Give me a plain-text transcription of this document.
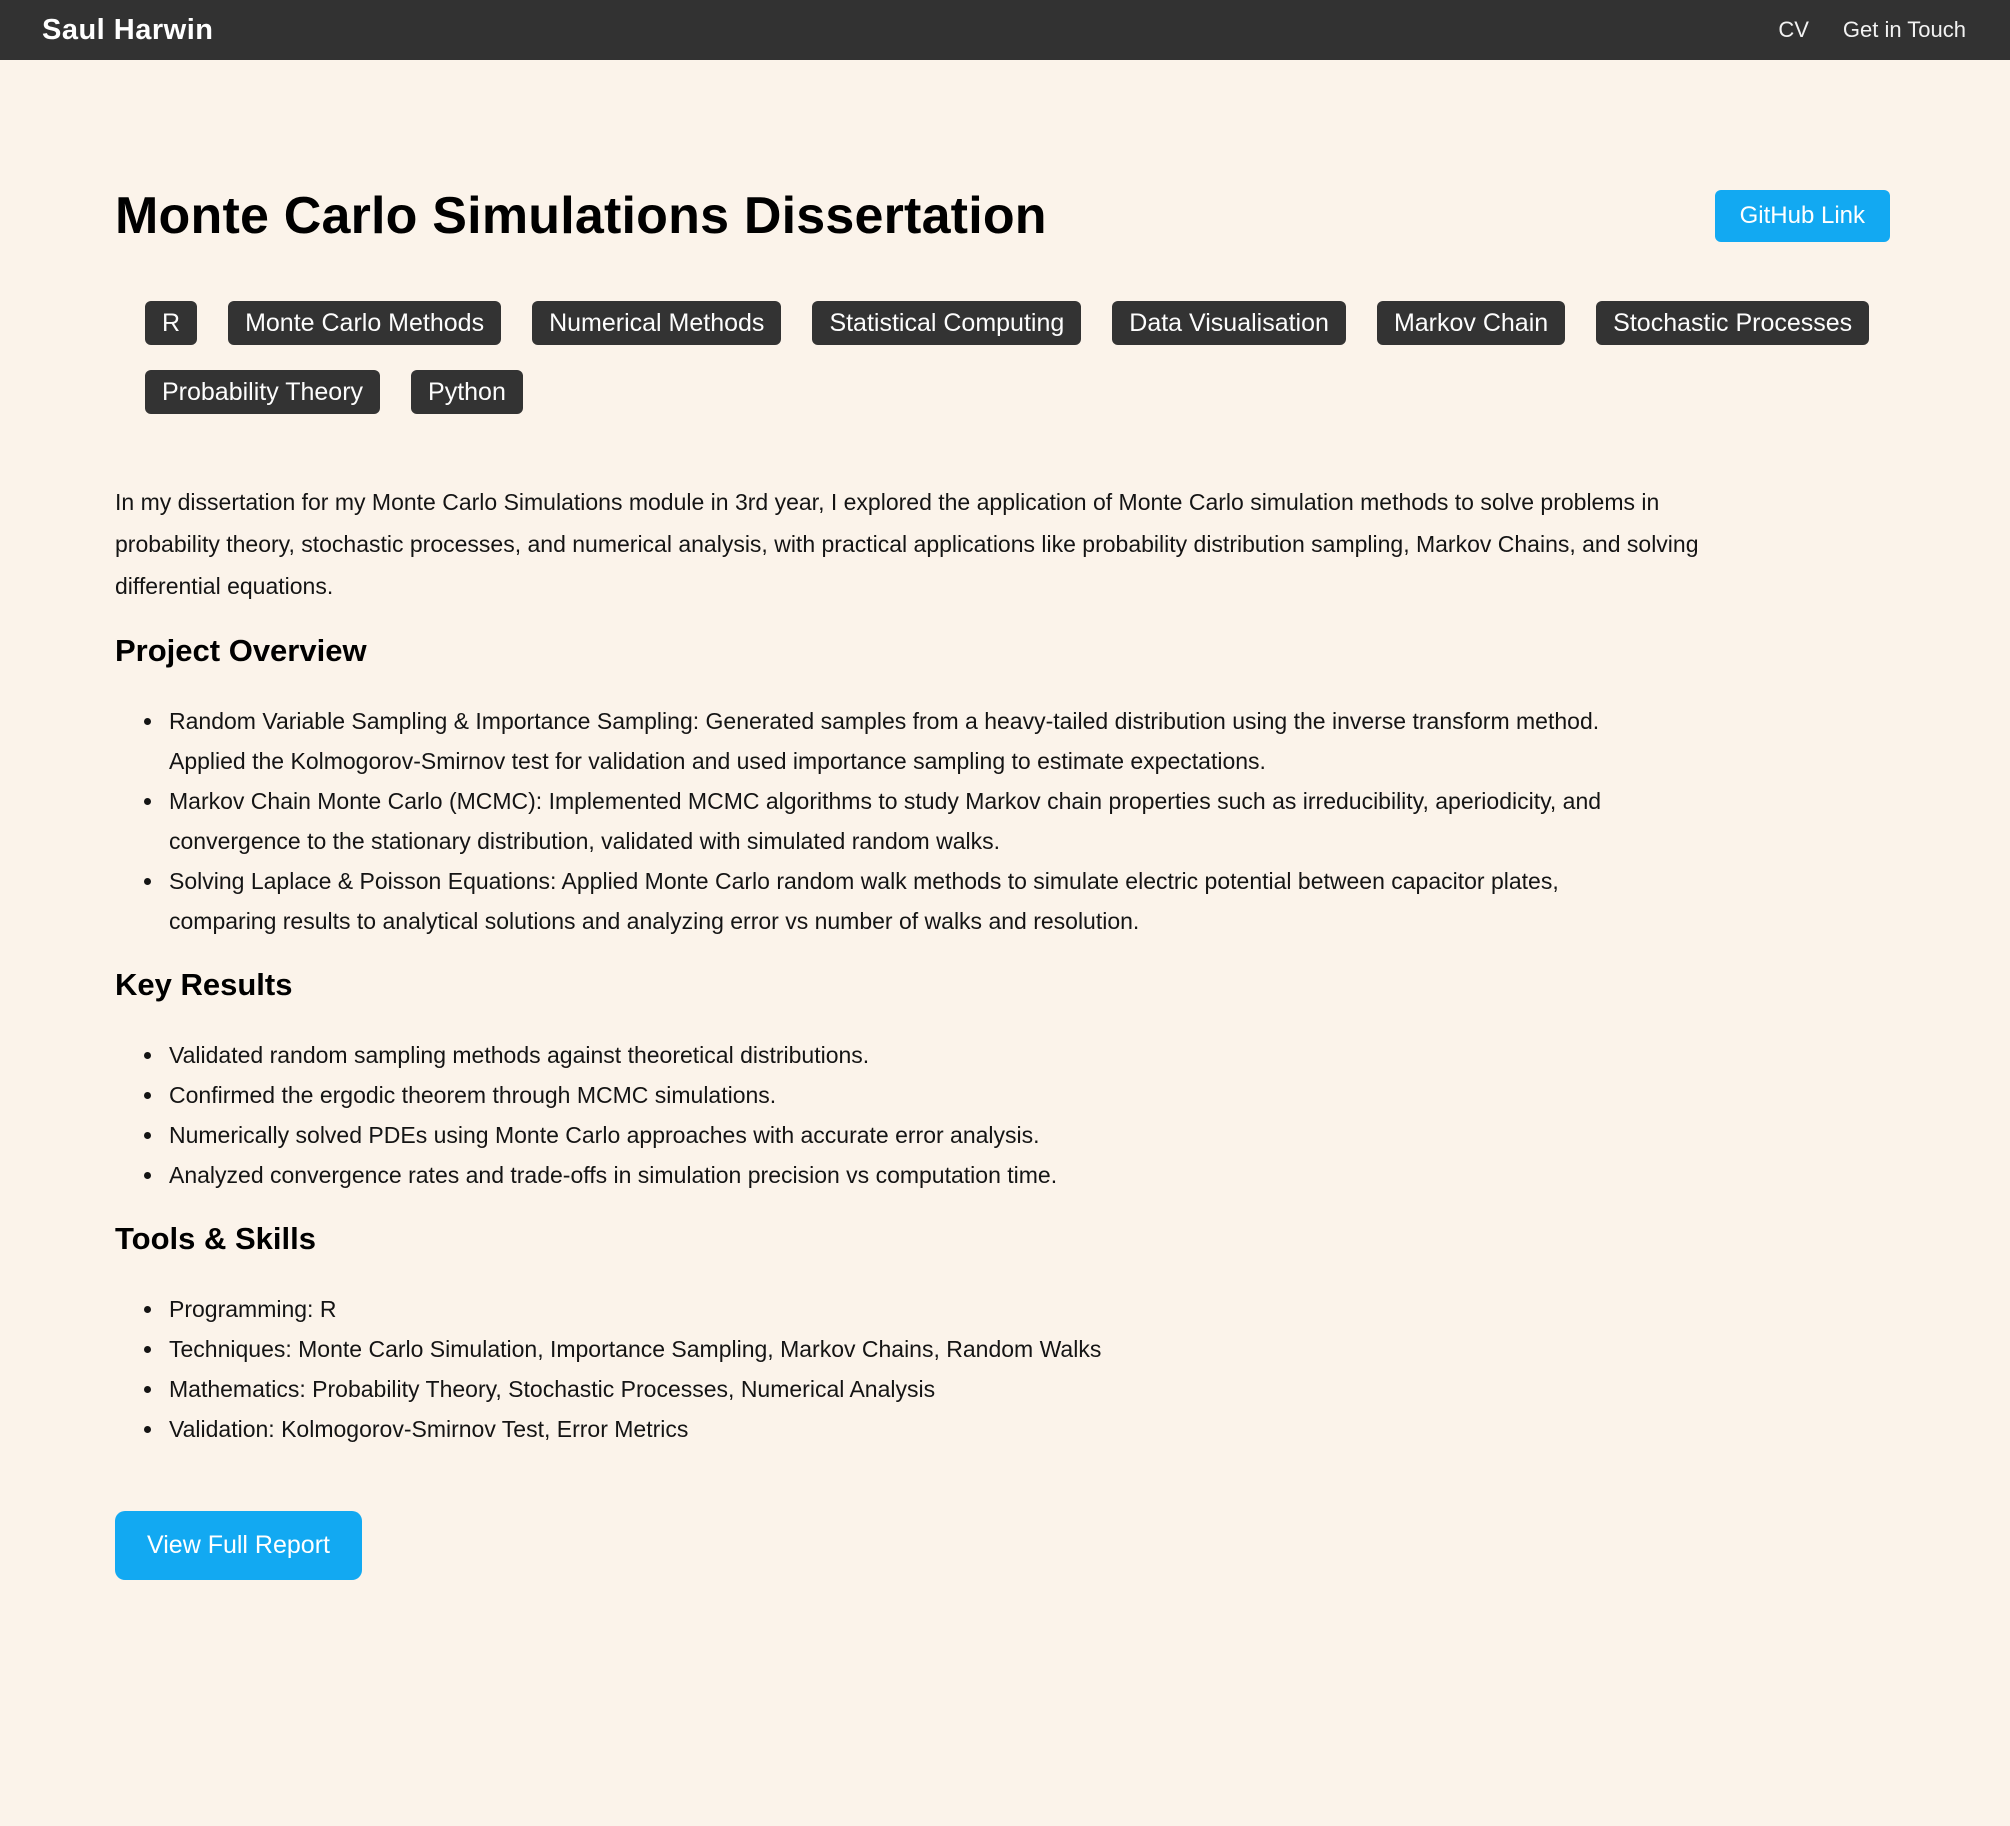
Saul Harwin	CV Get in Touch
Monte Carlo Simulations Dissertation	GitHub Link
R	Monte Carlo Methods	Numerical Methods	Statistical Computing	Data Visualisation	Markov Chain	Stochastic Processes
Probability Theory	Python

In my dissertation for my Monte Carlo Simulations module in 3rd year, I explored the application of Monte Carlo simulation methods to solve problems in probability theory, stochastic processes, and numerical analysis, with practical applications like probability distribution sampling, Markov Chains, and solving differential equations.

Project Overview
• Random Variable Sampling & Importance Sampling: Generated samples from a heavy-tailed distribution using the inverse transform method. Applied the Kolmogorov-Smirnov test for validation and used importance sampling to estimate expectations.
• Markov Chain Monte Carlo (MCMC): Implemented MCMC algorithms to study Markov chain properties such as irreducibility, aperiodicity, and convergence to the stationary distribution, validated with simulated random walks.
• Solving Laplace & Poisson Equations: Applied Monte Carlo random walk methods to simulate electric potential between capacitor plates, comparing results to analytical solutions and analyzing error vs number of walks and resolution.
Key Results
• Validated random sampling methods against theoretical distributions.
• Confirmed the ergodic theorem through MCMC simulations.
• Numerically solved PDEs using Monte Carlo approaches with accurate error analysis.
• Analyzed convergence rates and trade-offs in simulation precision vs computation time.
Tools & Skills
• Programming: R
• Techniques: Monte Carlo Simulation, Importance Sampling, Markov Chains, Random Walks
• Mathematics: Probability Theory, Stochastic Processes, Numerical Analysis
• Validation: Kolmogorov-Smirnov Test, Error Metrics
View Full Report
